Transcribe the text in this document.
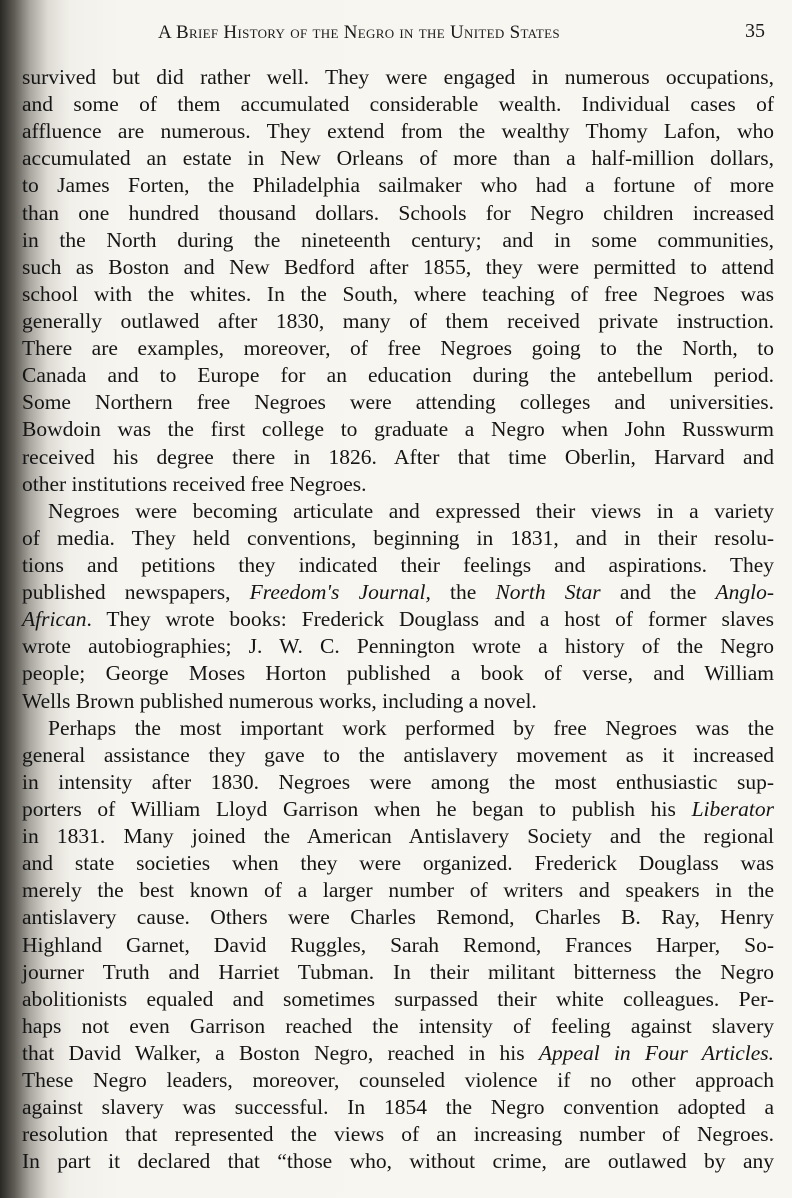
A Brief History of the Negro in the United States	35
survived but did rather well. They were engaged in numerous occupations,
and some of them accumulated considerable wealth. Individual cases of
affluence are numerous. They extend from the wealthy Thomy Lafon, who
accumulated an estate in New Orleans of more than a half-million dollars,
to James Forten, the Philadelphia sailmaker who had a fortune of more
than one hundred thousand dollars. Schools for Negro children increased
in the North during the nineteenth century; and in some communities,
such as Boston and New Bedford after 1855, they were permitted to attend
school with the whites. In the South, where teaching of free Negroes was
generally outlawed after 1830, many of them received private instruction.
There are examples, moreover, of free Negroes going to the North, to
Canada and to Europe for an education during the antebellum period.
Some Northern free Negroes were attending colleges and universities.
Bowdoin was the first college to graduate a Negro when John Russwurm
received his degree there in 1826. After that time Oberlin, Harvard and
other institutions received free Negroes.
Negroes were becoming articulate and expressed their views in a variety
of media. They held conventions, beginning in 1831, and in their resolu-
tions and petitions they indicated their feelings and aspirations. They
published newspapers, Freedom's Journal, the North Star and the Anglo-
African. They wrote books: Frederick Douglass and a host of former slaves
wrote autobiographies; J. W. C. Pennington wrote a history of the Negro
people; George Moses Horton published a book of verse, and William
Wells Brown published numerous works, including a novel.
Perhaps the most important work performed by free Negroes was the
general assistance they gave to the antislavery movement as it increased
in intensity after 1830. Negroes were among the most enthusiastic sup-
porters of William Lloyd Garrison when he began to publish his Liberator
in 1831. Many joined the American Antislavery Society and the regional
and state societies when they were organized. Frederick Douglass was
merely the best known of a larger number of writers and speakers in the
antislavery cause. Others were Charles Remond, Charles B. Ray, Henry
Highland Garnet, David Ruggles, Sarah Remond, Frances Harper, So-
journer Truth and Harriet Tubman. In their militant bitterness the Negro
abolitionists equaled and sometimes surpassed their white colleagues. Per-
haps not even Garrison reached the intensity of feeling against slavery
that David Walker, a Boston Negro, reached in his Appeal in Four Articles.
These Negro leaders, moreover, counseled violence if no other approach
against slavery was successful. In 1854 the Negro convention adopted a
resolution that represented the views of an increasing number of Negroes.
In part it declared that “those who, without crime, are outlawed by any
